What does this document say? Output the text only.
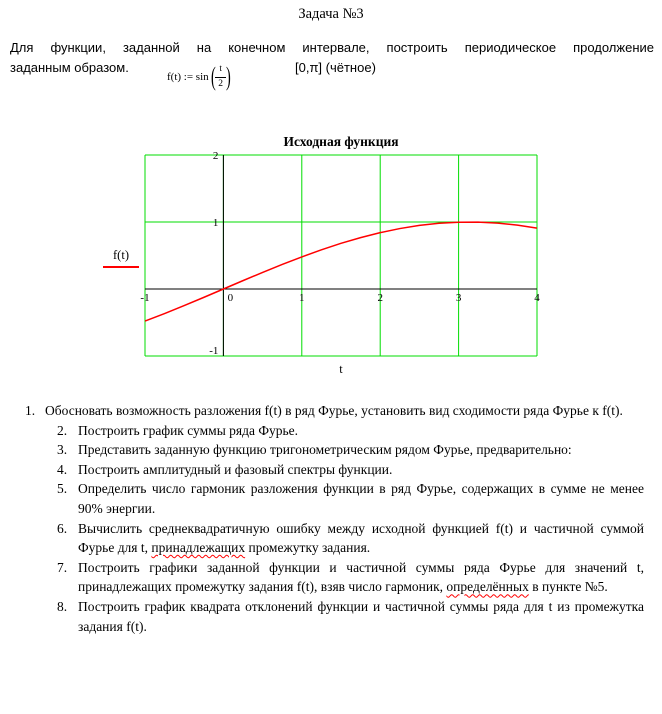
Задача №3
Для функции, заданной на конечном интервале, построить периодическое продолжение
заданным образом.	[0,π] (чётное)
f(t) := sin ( $\frac{t}{2}$ )
Исходная функция
-1	0	1	2	3	4
2
1
-1
f(t)
t
1. Обосновать возможность разложения f(t) в ряд Фурье, установить вид сходимости ряда Фурье к f(t).
2. Построить график суммы ряда Фурье.
3. Представить заданную функцию тригонометрическим рядом Фурье, предварительно:
4. Построить амплитудный и фазовый спектры функции.
5. Определить число гармоник разложения функции в ряд Фурье, содержащих в сумме не менее 90% энергии.
6. Вычислить среднеквадратичную ошибку между исходной функцией f(t) и частичной суммой Фурье для t, принадлежащих промежутку задания.
7. Построить графики заданной функции и частичной суммы ряда Фурье для значений t, принадлежащих промежутку задания f(t), взяв число гармоник, определённых в пункте №5.
8. Построить график квадрата отклонений функции и частичной суммы ряда для t из промежутка задания f(t).
